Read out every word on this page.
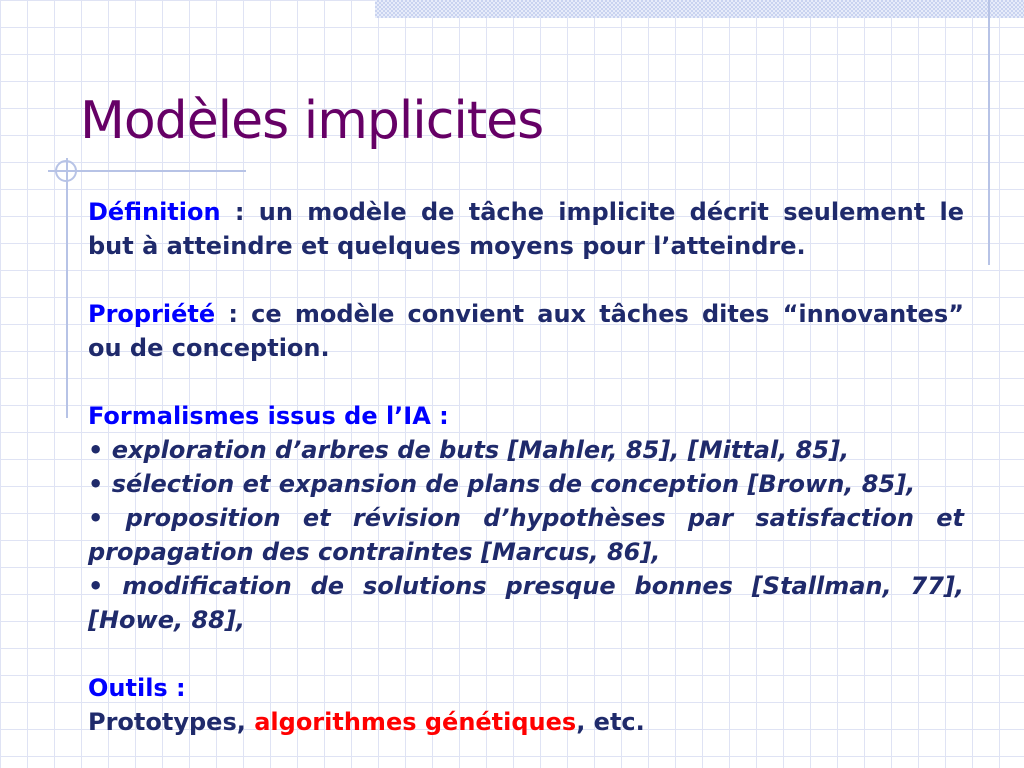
Modèles implicites

Définition : un modèle de tâche implicite décrit seulement le but à atteindre et quelques moyens pour l’atteindre.

Propriété : ce modèle convient aux tâches dites “innovantes” ou de conception.

Formalismes issus de l’IA :

• exploration d’arbres de buts [Mahler, 85], [Mittal, 85],

• sélection et expansion de plans de conception [Brown, 85],

• proposition et révision d’hypothèses par satisfaction et propagation des contraintes [Marcus, 86],

• modification de solutions presque bonnes [Stallman, 77], [Howe, 88],

Outils :

Prototypes, algorithmes génétiques, etc.
